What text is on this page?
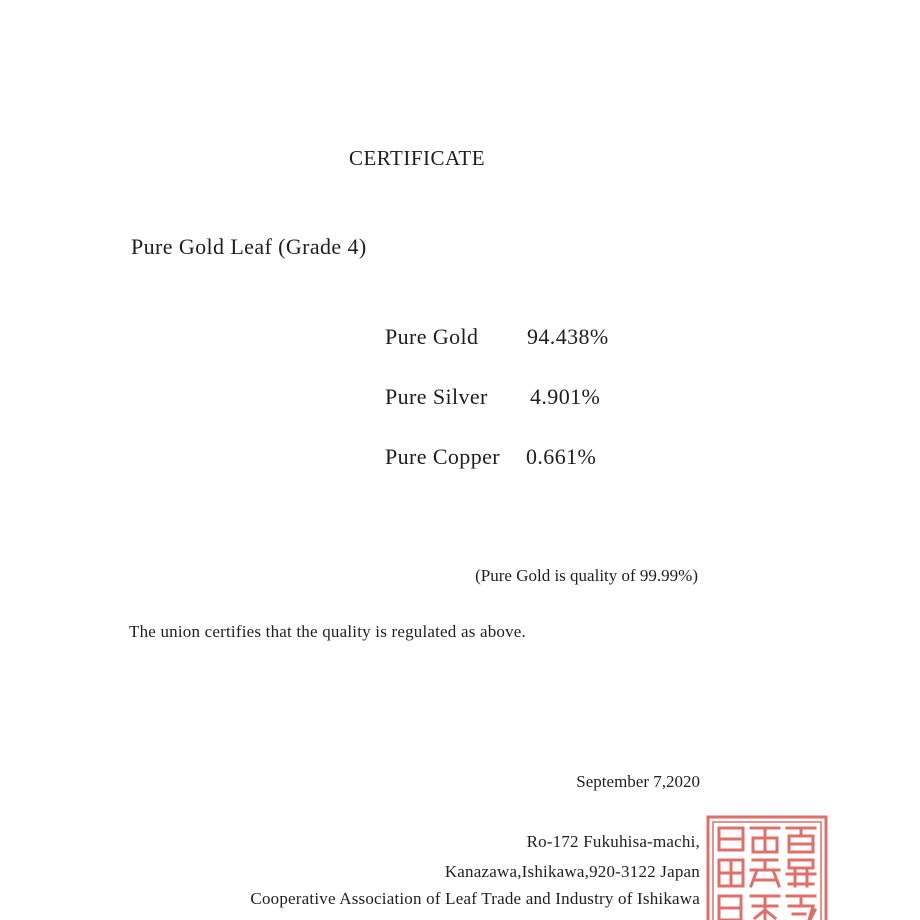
CERTIFICATE
Pure Gold Leaf (Grade 4)
Pure Gold 94.438%
Pure Silver 4.901%
Pure Copper 0.661%
(Pure Gold is quality of 99.99%)
The union certifies that the quality is regulated as above.
September 7,2020
Ro-172 Fukuhisa-machi,
Kanazawa,Ishikawa,920-3122 Japan
Cooperative Association of Leaf Trade and Industry of Ishikawa
